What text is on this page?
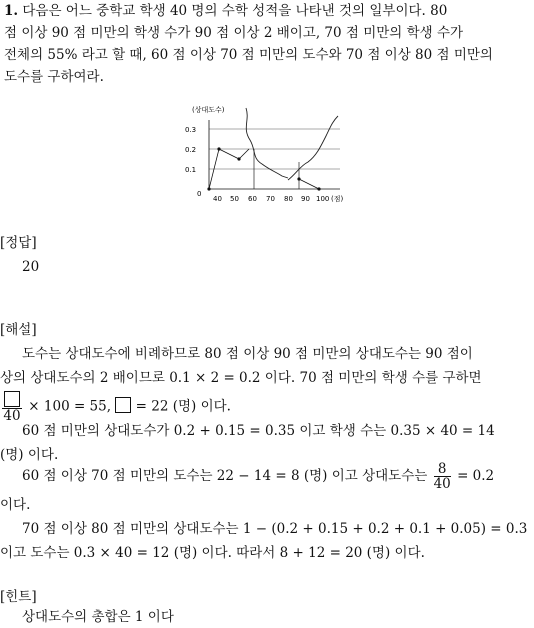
1. 다음은 어느 중학교 학생 40 명의 수학 성적을 나타낸 것의 일부이다. 80
점 이상 90 점 미만의 학생 수가 90 점 이상 2 배이고, 70 점 미만의 학생 수가
전체의 55% 라고 할 때, 60 점 이상 70 점 미만의 도수와 70 점 이상 80 점 미만의
도수를 구하여라.
(상대도수)
0.3
0.2
0.1
0
40 50 60 70 80 90 100 (점)
[정답]
20
[해설]
도수는 상대도수에 비례하므로 80 점 이상 90 점 미만의 상대도수는 90 점이
상의 상대도수의 2 배이므로 0.1 × 2 = 0.2 이다. 70 점 미만의 학생 수를 구하면
40
× 100 = 55, = 22 (명) 이다.
60 점 미만의 상대도수가 0.2 + 0.15 = 0.35 이고 학생 수는 0.35 × 40 = 14
(명) 이다.
60 점 이상 70 점 미만의 도수는 22 − 14 = 8 (명) 이고 상대도수는 $\frac{8}{40} = 0.2$
이다.
70 점 이상 80 점 미만의 상대도수는 1 − (0.2 + 0.15 + 0.2 + 0.1 + 0.05) = 0.3
이고 도수는 0.3 × 40 = 12 (명) 이다. 따라서 8 + 12 = 20 (명) 이다.
[힌트]
상대도수의 총합은 1 이다
